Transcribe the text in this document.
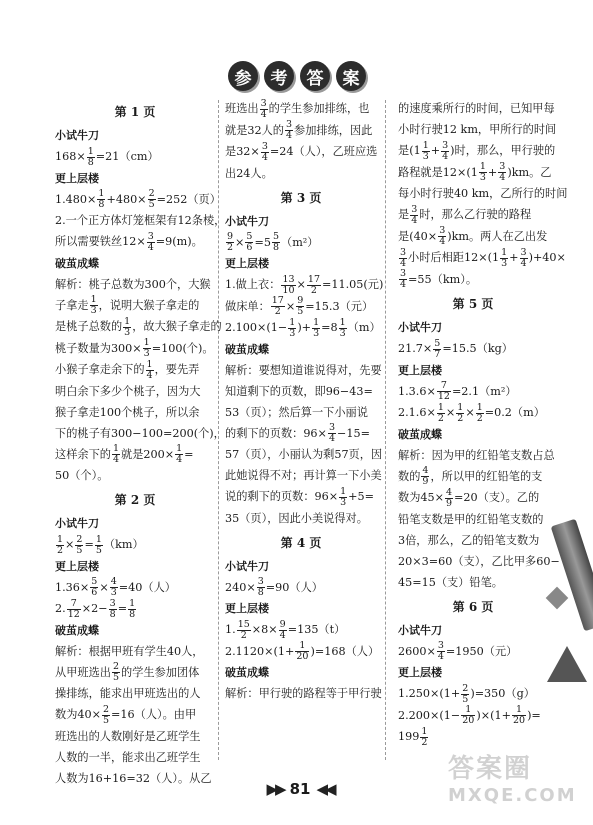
参	考	答	案
第 1 页
小试牛刀
$168\times \frac{1}{8} =21(cm)$
更上层楼
$1.480\times \frac{1}{8} +480\times \frac{2}{5} =252$（页）
2.一个正方体灯笼框架有12条棱，
所以需要铁丝$12\times \frac{3}{4} =9(m)$。
破茧成蝶
解析：桃子总数为300个，大猴
子拿走 $\frac{1}{3}$ ，说明大猴子拿走的
是桃子总数的 $\frac{1}{3}$ ，故大猴子拿走的
桃子数量为$300\times \frac{1}{3} =100$(个)。
小猴子拿走余下的 $\frac{1}{4}$ ，要先弄
明白余下多少个桃子，因为大
猴子拿走100个桃子，所以余
下的桃子有300−100=200(个)，
这样余下的 $\frac{1}{4}$ 就是$200\times \frac{1}{4}$ =
50（个）。
第 2 页
小试牛刀
$\frac{1}{2} \times \frac{2}{5} = \frac{1}{5} (km)$
更上层楼
$1.36\times \frac{5}{6} \times \frac{4}{3} =40$（人）
2. $\frac{7}{12} \times 2- \frac{3}{8} = \frac{1}{8}$
破茧成蝶
解析：根据甲班有学生40人，
从甲班选出 $\frac{2}{5}$ 的学生参加团体
操排练，能求出甲班选出的人
数为$40\times \frac{2}{5} =16$（人）。由甲
班选出的人数刚好是乙班学生
人数的一半，能求出乙班学生
人数为16+16=32（人）。从乙
班选出 $\frac{3}{4}$ 的学生参加排练，也
就是32人的 $\frac{3}{4}$ 参加排练，因此
是$32\times \frac{3}{4} =24$（人），乙班应选
出24人。
第 3 页
小试牛刀
$\frac{9}{2} \times \frac{5}{6} =5 \frac{5}{8} (m^2)$
更上层楼
1.做上衣： $\frac{13}{10} \times \frac{17}{2} =11.05$(元)
做床单： $\frac{17}{2} \times \frac{9}{5} =15.3$（元）
$2.100\times(1- \frac{1}{3}$ )+ $\frac{1}{3} =8 \frac{1}{3} (m)$
破茧成蝶
解析：要想知道谁说得对，先要
知道剩下的页数，即96−43=
53（页）；然后算一下小丽说
的剩下的页数：$96\times \frac{3}{4} -15=$
57（页），小丽认为剩57页，因
此她说得不对；再计算一下小美
说的剩下的页数：$96\times \frac{1}{3} +5=$
35（页），因此小美说得对。
第 4 页
小试牛刀
$240\times \frac{3}{8} =90$（人）
更上层楼
1. $\frac{15}{2} \times 8\times \frac{9}{4} =135(t)$
$2.1120\times(1+ \frac{1}{20} )=168$（人）
破茧成蝶
解析：甲行驶的路程等于甲行驶
的速度乘所行的时间，已知甲每
小时行驶12 km，甲所行的时间
是($1 \frac{1}{3} + \frac{3}{4}$ )时，那么，甲行驶的
路程就是$12\times(1 \frac{1}{3} + \frac{3}{4} )km$。乙
每小时行驶40 km，乙所行的时间
是 $\frac{3}{4}$ 时，那么乙行驶的路程
是$(40\times \frac{3}{4} )km$。两人在乙出发
$\frac{3}{4}$ 小时后相距$12\times(1 \frac{1}{3} + \frac{3}{4} )+40\times$
$\frac{3}{4} =55(km)$。
第 5 页
小试牛刀
$21.7\times \frac{5}{7} =15.5(kg)$
更上层楼
$1.3.6\times \frac{7}{12} =2.1(m^2)$
$2.1.6\times \frac{1}{2} \times \frac{1}{2} \times \frac{1}{2} =0.2(m)$
破茧成蝶
解析：因为甲的红铅笔支数占总
数的 $\frac{4}{9}$ ，所以甲的红铅笔的支
数为$45\times \frac{4}{9} =20$（支）。乙的
铅笔支数是甲的红铅笔支数的
3倍，那么，乙的铅笔支数为
20×3=60（支），乙比甲多60−
45=15（支）铅笔。
第 6 页
小试牛刀
$2600\times \frac{3}{4} =1950$（元）
更上层楼
$1.250\times(1+ \frac{2}{5} )=350(g)$
$2.200\times(1- \frac{1}{20} )\times(1+ \frac{1}{20}$ )=
$199 \frac{1}{2}$
▶▶ 81 ◀◀
答案圈
MXQE.COM
